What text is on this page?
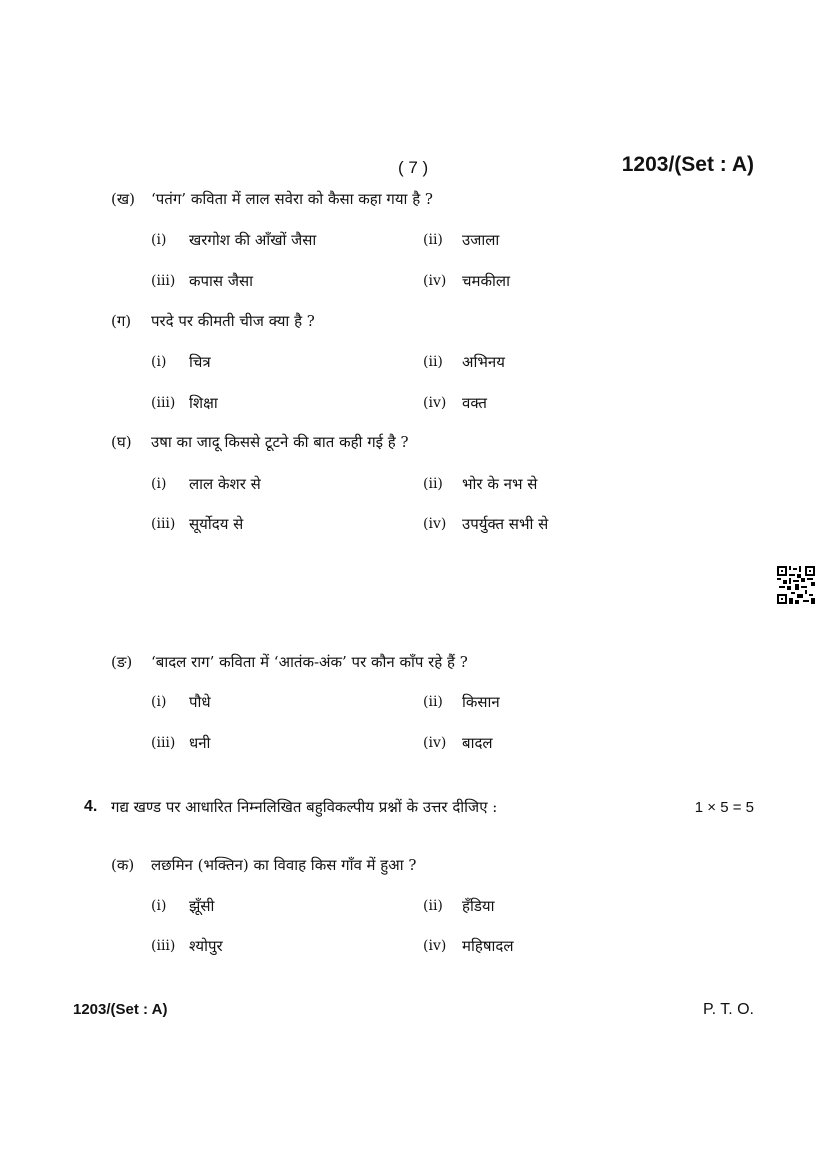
( 7 )	1203/(Set : A)
(ख) ‘पतंग’ कविता में लाल सवेरा को कैसा कहा गया है ?
(i) खरगोश की आँखों जैसा	(ii) उजाला
(iii) कपास जैसा	(iv) चमकीला
(ग) परदे पर कीमती चीज क्या है ?
(i) चित्र	(ii) अभिनय
(iii) शिक्षा	(iv) वक्त
(घ) उषा का जादू किससे टूटने की बात कही गई है ?
(i) लाल केशर से	(ii) भोर के नभ से
(iii) सूर्योदय से	(iv) उपर्युक्त सभी से
(ङ) ‘बादल राग’ कविता में ‘आतंक-अंक’ पर कौन काँप रहे हैं ?
(i) पौधे	(ii) किसान
(iii) धनी	(iv) बादल
4. गद्य खण्ड पर आधारित निम्नलिखित बहुविकल्पीय प्रश्नों के उत्तर दीजिए :	1 × 5 = 5
(क) लछमिन (भक्तिन) का विवाह किस गाँव में हुआ ?
(i) झूँसी	(ii) हँडिया
(iii) श्योपुर	(iv) महिषादल
1203/(Set : A)	P. T. O.
